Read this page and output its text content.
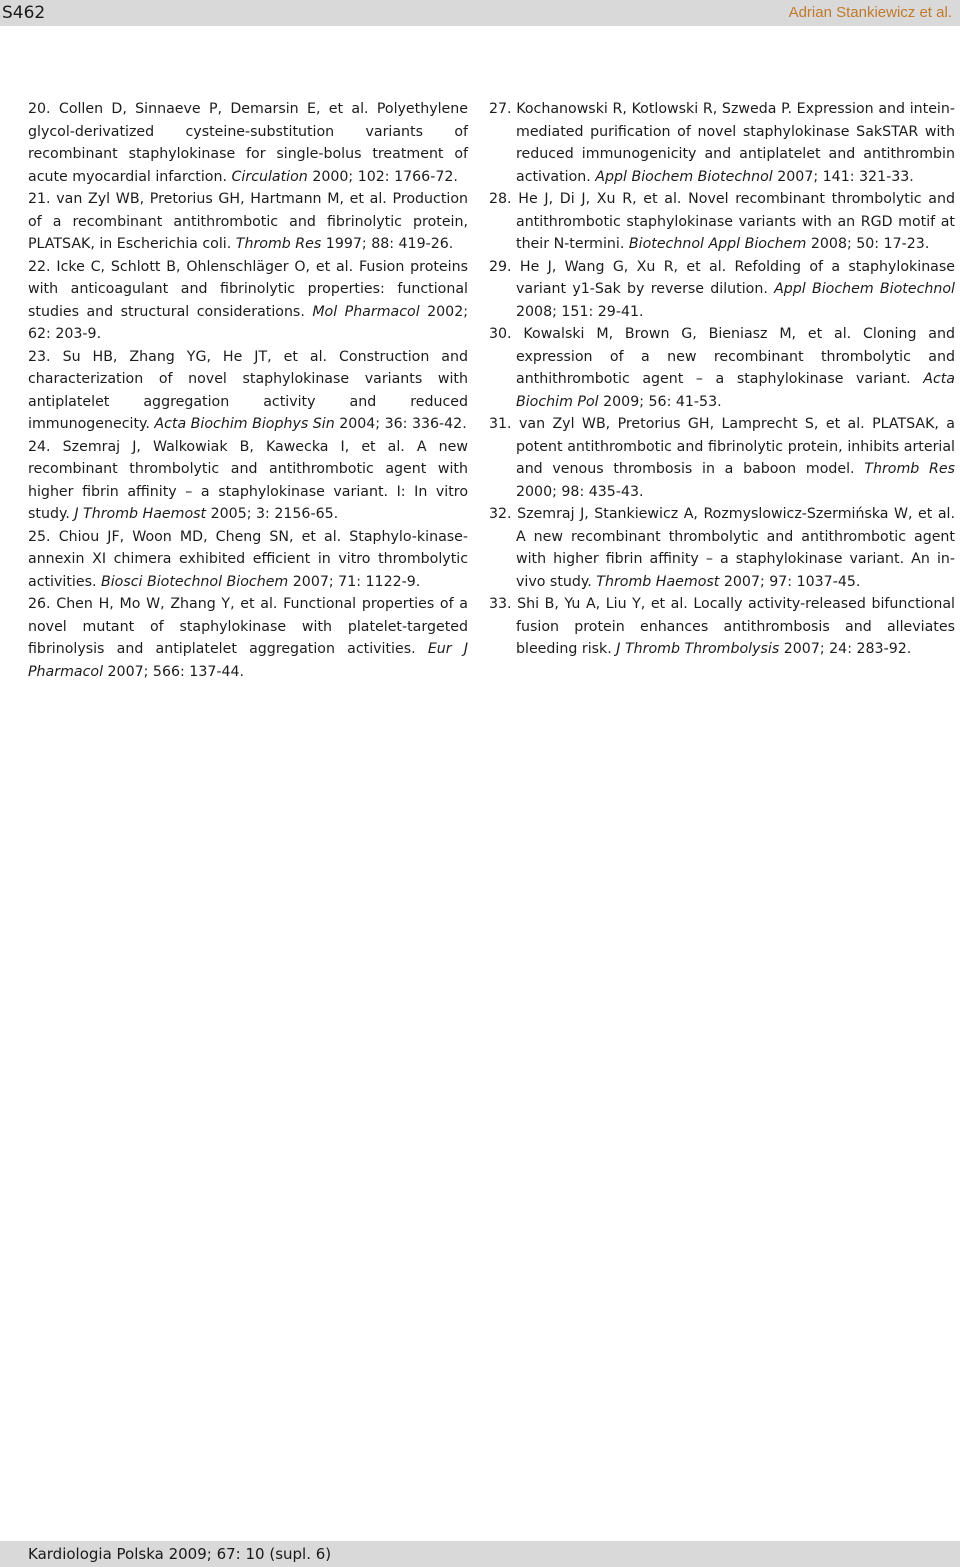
S462	Adrian Stankiewicz et al.

20. Collen D, Sinnaeve P, Demarsin E, et al. Polyethylene glycol-derivatized cysteine-substitution variants of recombinant staphylokinase for single-bolus treatment of acute myocardial infarction. Circulation 2000; 102: 1766-72.

21. van Zyl WB, Pretorius GH, Hartmann M, et al. Production of a recombinant antithrombotic and fibrinolytic protein, PLATSAK, in Escherichia coli. Thromb Res 1997; 88: 419-26.

22. Icke C, Schlott B, Ohlenschläger O, et al. Fusion proteins with anticoagulant and fibrinolytic properties: functional studies and structural considerations. Mol Pharmacol 2002; 62: 203-9.

23. Su HB, Zhang YG, He JT, et al. Construction and characterization of novel staphylokinase variants with antiplatelet aggregation activity and reduced immunogenecity. Acta Biochim Biophys Sin 2004; 36: 336-42.

24. Szemraj J, Walkowiak B, Kawecka I, et al. A new recombinant thrombolytic and antithrombotic agent with higher fibrin affinity – a staphylokinase variant. I: In vitro study. J Thromb Haemost 2005; 3: 2156-65.

25. Chiou JF, Woon MD, Cheng SN, et al. Staphylo-kinase-annexin XI chimera exhibited efficient in vitro thrombolytic activities. Biosci Biotechnol Biochem 2007; 71: 1122-9.

26. Chen H, Mo W, Zhang Y, et al. Functional properties of a novel mutant of staphylokinase with platelet-targeted fibrinolysis and antiplatelet aggregation activities. Eur J Pharmacol 2007; 566: 137-44.

27. Kochanowski R, Kotlowski R, Szweda P. Expression and intein-mediated purification of novel staphylokinase SakSTAR with reduced immunogenicity and antiplatelet and antithrombin activation. Appl Biochem Biotechnol 2007; 141: 321-33.

28. He J, Di J, Xu R, et al. Novel recombinant thrombolytic and antithrombotic staphylokinase variants with an RGD motif at their N-termini. Biotechnol Appl Biochem 2008; 50: 17-23.

29. He J, Wang G, Xu R, et al. Refolding of a staphylokinase variant y1-Sak by reverse dilution. Appl Biochem Biotechnol 2008; 151: 29-41.

30. Kowalski M, Brown G, Bieniasz M, et al. Cloning and expression of a new recombinant thrombolytic and anthithrombotic agent – a staphylokinase variant. Acta Biochim Pol 2009; 56: 41-53.

31. van Zyl WB, Pretorius GH, Lamprecht S, et al. PLATSAK, a potent antithrombotic and fibrinolytic protein, inhibits arterial and venous thrombosis in a baboon model. Thromb Res 2000; 98: 435-43.

32. Szemraj J, Stankiewicz A, Rozmyslowicz-Szermińska W, et al. A new recombinant thrombolytic and antithrombotic agent with higher fibrin affinity – a staphylokinase variant. An in-vivo study. Thromb Haemost 2007; 97: 1037-45.

33. Shi B, Yu A, Liu Y, et al. Locally activity-released bifunctional fusion protein enhances antithrombosis and alleviates bleeding risk. J Thromb Thrombolysis 2007; 24: 283-92.

Kardiologia Polska 2009; 67: 10 (supl. 6)
